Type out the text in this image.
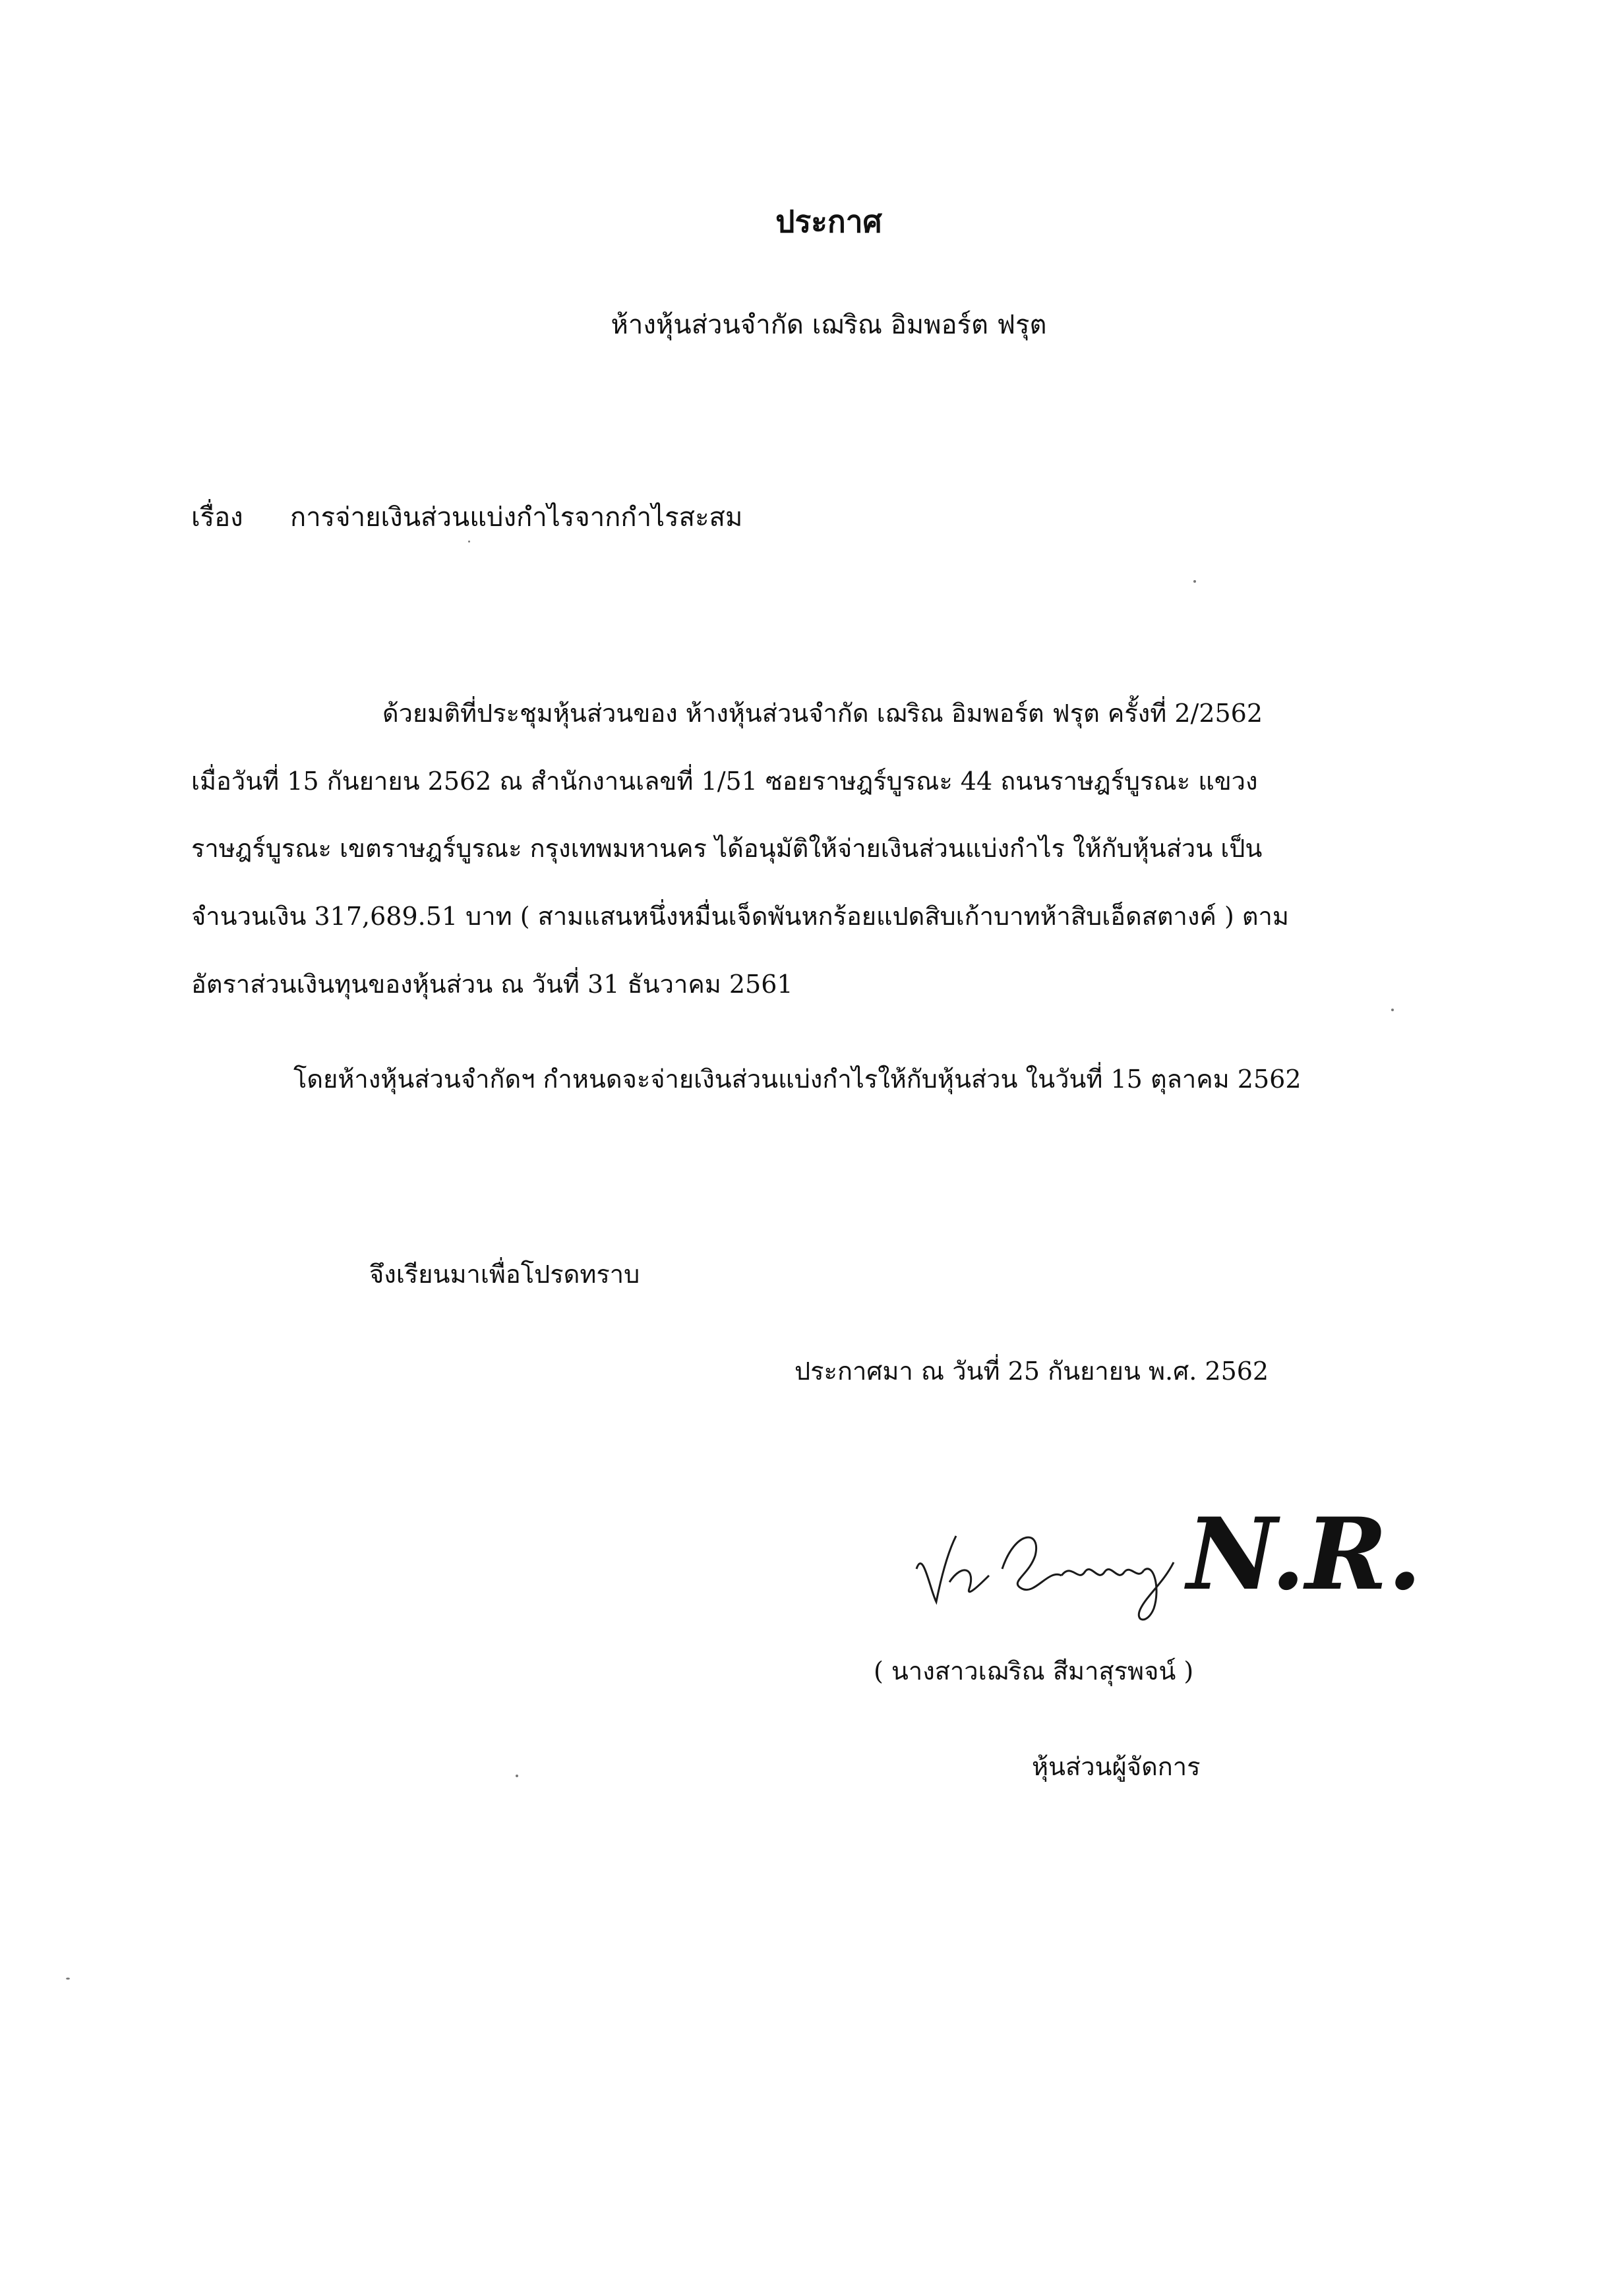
ประกาศ
ห้างหุ้นส่วนจำกัด เฌริณ อิมพอร์ต ฟรุต
เรื่อง การจ่ายเงินส่วนแบ่งกำไรจากกำไรสะสม
ด้วยมติที่ประชุมหุ้นส่วนของ ห้างหุ้นส่วนจำกัด เฌริณ อิมพอร์ต ฟรุต ครั้งที่ 2/2562
เมื่อวันที่ 15 กันยายน 2562 ณ สำนักงานเลขที่ 1/51 ซอยราษฎร์บูรณะ 44 ถนนราษฎร์บูรณะ แขวง
ราษฎร์บูรณะ เขตราษฎร์บูรณะ กรุงเทพมหานคร ได้อนุมัติให้จ่ายเงินส่วนแบ่งกำไร ให้กับหุ้นส่วน เป็น
จำนวนเงิน 317,689.51 บาท ( สามแสนหนึ่งหมื่นเจ็ดพันหกร้อยแปดสิบเก้าบาทห้าสิบเอ็ดสตางค์ ) ตาม
อัตราส่วนเงินทุนของหุ้นส่วน ณ วันที่ 31 ธันวาคม 2561
โดยห้างหุ้นส่วนจำกัดฯ กำหนดจะจ่ายเงินส่วนแบ่งกำไรให้กับหุ้นส่วน ในวันที่ 15 ตุลาคม 2562
จึงเรียนมาเพื่อโปรดทราบ
ประกาศมา ณ วันที่ 25 กันยายน พ.ศ. 2562
N.R.
( นางสาวเฌริณ สีมาสุรพจน์ )
หุ้นส่วนผู้จัดการ
